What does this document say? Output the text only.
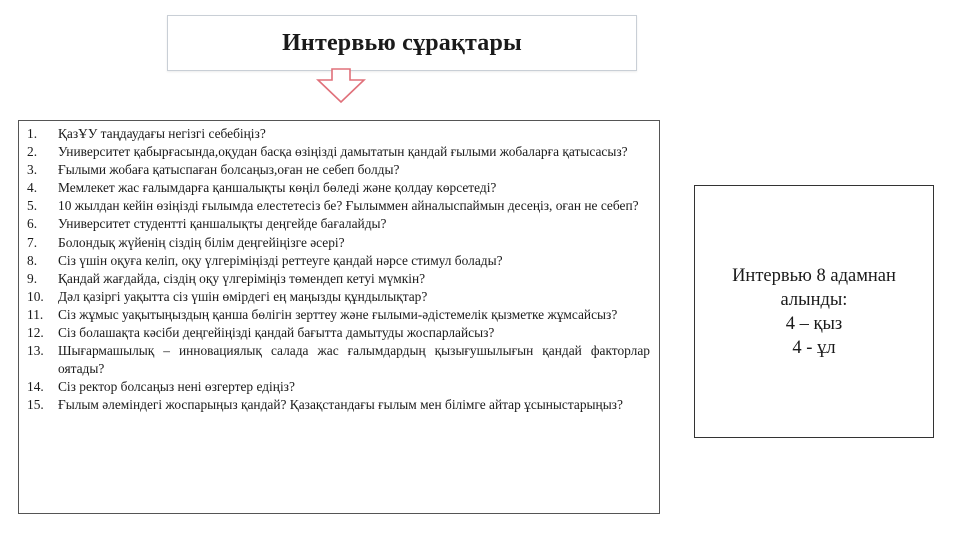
Интервью сұрақтары
1.	ҚазҰУ таңдаудағы негізгі себебіңіз?
2.	Университет қабырғасында,оқудан басқа өзіңізді дамытатын қандай ғылыми жобаларға қатысасыз?
3.	Ғылыми жобаға қатыспаған болсаңыз,оған не себеп болды?
4.	Мемлекет жас ғалымдарға қаншалықты көңіл бөледі және қолдау көрсетеді?
5.	10 жылдан кейін өзіңізді ғылымда елестетесіз бе? Ғылыммен айналыспаймын десеңіз, оған не себеп?
6.	Университет студентті қаншалықты деңгейде бағалайды?
7.	Болондық жүйенің сіздің білім деңгейіңізге әсері?
8.	Сіз үшін оқуға келіп, оқу үлгеріміңізді реттеуге қандай нәрсе стимул болады?
9.	Қандай жағдайда, сіздің оқу үлгеріміңіз төмендеп кетуі мүмкін?
10.	Дәл қазіргі уақытта сіз үшін өмірдегі ең маңызды құндылықтар?
11.	Сіз жұмыс уақытыңыздың қанша бөлігін зерттеу және ғылыми-әдістемелік қызметке жұмсайсыз?
12.	Сіз болашақта кәсіби деңгейіңізді қандай бағытта дамытуды жоспарлайсыз?
13.	Шығармашылық – инновациялық салада жас ғалымдардың қызығушылығын қандай факторлар оятады?
14.	Сіз ректор болсаңыз нені өзгертер едіңіз?
15.	Ғылым әлеміндегі жоспарыңыз қандай? Қазақстандағы ғылым мен білімге айтар ұсыныстарыңыз?
Интервью 8 адамнан
алынды:
4 – қыз
4 - ұл
